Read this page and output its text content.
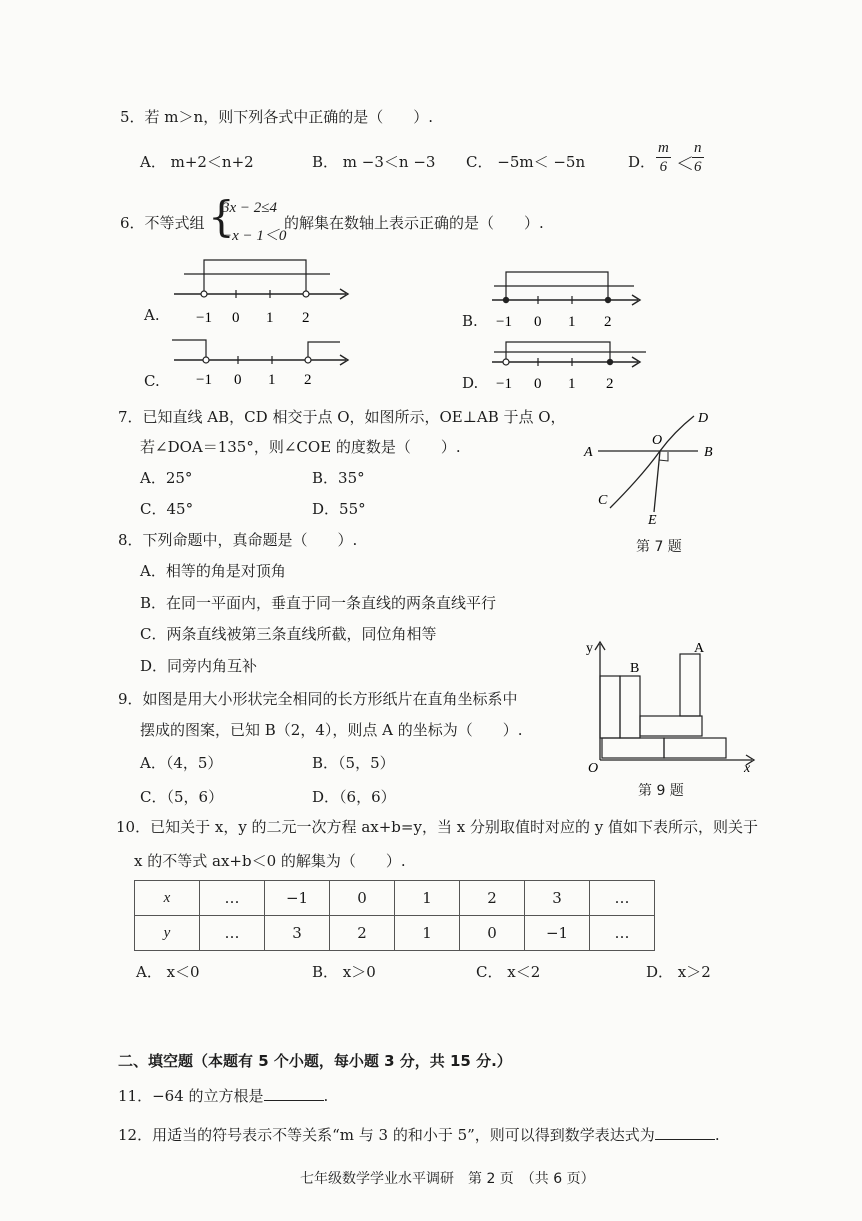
5．若 m＞n，则下列各式中正确的是（　　）.
A． m+2＜n+2	B． m −3＜n −3 C． −5m＜ −5n	D． $\frac{m}{6}$ ＜
$\frac{n}{6}$
6．不等式组 {
3x − 2≤4
−x − 1＜0
的解集在数轴上表示正确的是（　　）.
A. −1 0 1 2	B. −1 0 1 2
C. −1 0 1 2	D. −1 0 1 2
7．已知直线 AB，CD 相交于点 O，如图所示，OE⊥AB 于点 O，
若∠DOA＝135°，则∠COE 的度数是（　　）.
A．25°	B．35°
C．45°	D．55°
A	B
C
D
E
O
第 7 题
8．下列命题中，真命题是（　　）.
A．相等的角是对顶角
B．在同一平面内，垂直于同一条直线的两条直线平行
C．两条直线被第三条直线所截，同位角相等
D．同旁内角互补
9．如图是用大小形状完全相同的长方形纸片在直角坐标系中
摆成的图案，已知 B（2，4），则点 A 的坐标为（　　）.
A．（4，5）	B．（5，5）
C．（5，6）	D．（6，6）
y
x
O
A
B
第 9 题
10．已知关于 x，y 的二元一次方程 ax+b=y，当 x 分别取值时对应的 y 值如下表所示，则关于
x 的不等式 ax+b＜0 的解集为（　　）.
x	…	−1	0	1	2	3	…
y	…	3	2	1	0	−1	…
A． x＜0	B． x＞0	C． x＜2	D． x＞2
二、填空题（本题有 5 个小题，每小题 3 分，共 15 分.）
11．−64 的立方根是	.
12．用适当的符号表示不等关系“m 与 3 的和小于 5”，则可以得到数学表达式为	.
七年级数学学业水平调研　第 2 页　（共 6 页）
